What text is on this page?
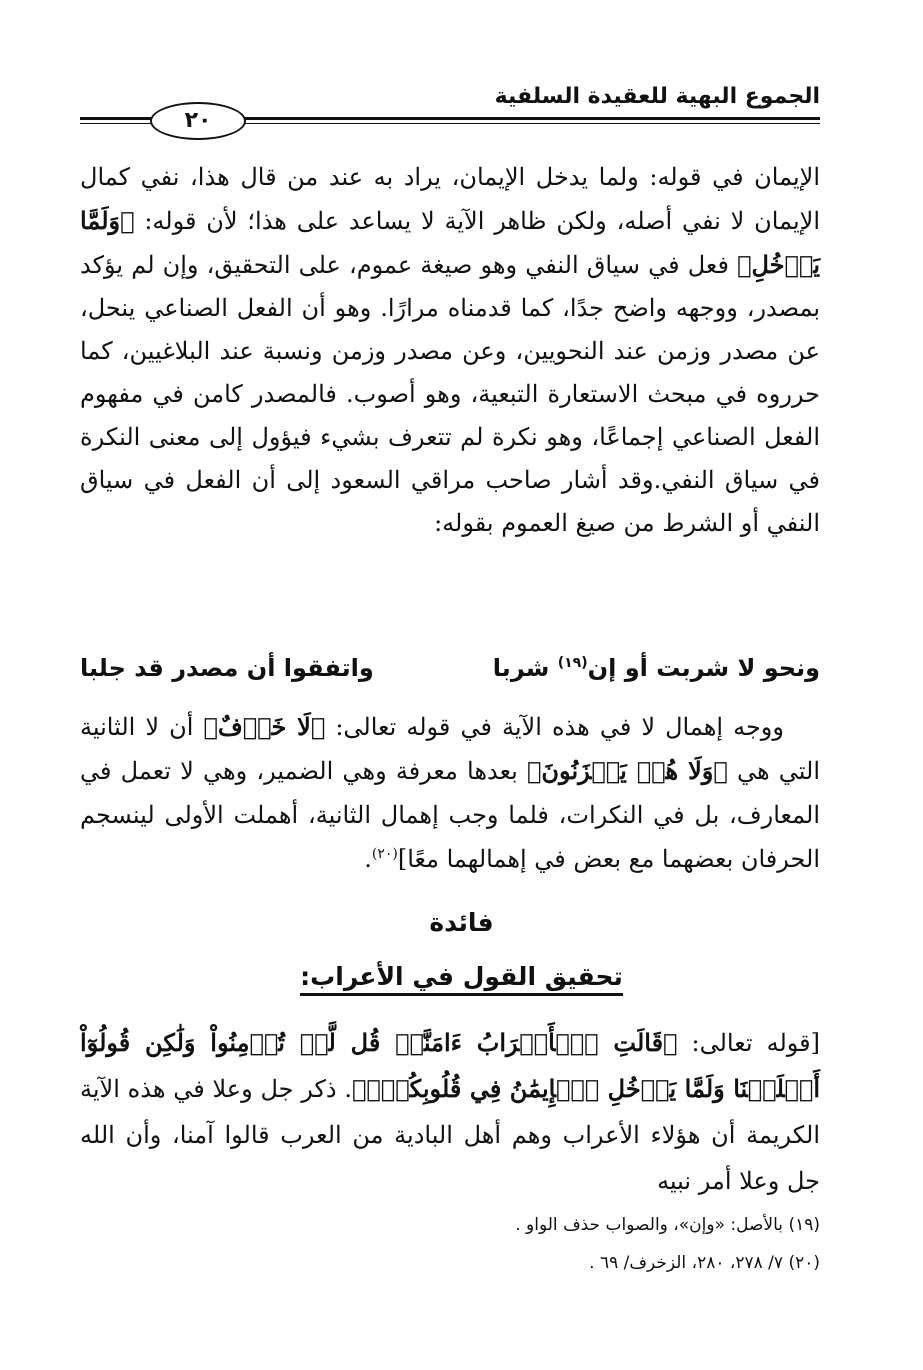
الجموع البهية للعقيدة السلفية
٢٠

الإيمان في قوله: ولما يدخل الإيمان، يراد به عند من قال هذا، نفي كمال الإيمان لا نفي أصله، ولكن ظاهر الآية لا يساعد على هذا؛ لأن قوله: ﴿وَلَمَّا يَدۡخُلِ﴾ فعل في سياق النفي وهو صيغة عموم، على التحقيق، وإن لم يؤكد بمصدر، ووجهه واضح جدًا، كما قدمناه مرارًا. وهو أن الفعل الصناعي ينحل، عن مصدر وزمن عند النحويين، وعن مصدر وزمن ونسبة عند البلاغيين، كما حرروه في مبحث الاستعارة التبعية، وهو أصوب. فالمصدر كامن في مفهوم الفعل الصناعي إجماعًا، وهو نكرة لم تتعرف بشيء فيؤول إلى معنى النكرة في سياق النفي.وقد أشار صاحب مراقي السعود إلى أن الفعل في سياق النفي أو الشرط من صيغ العموم بقوله:

ونحو لا شربت أو إن$^{(١٩)}$ شربا
واتفقوا أن مصدر قد جلبا

ووجه إهمال لا في هذه الآية في قوله تعالى: ﴿لَا خَوۡفٌ﴾ أن لا الثانية التي هي ﴿وَلَا هُمۡ يَحۡزَنُونَ﴾ بعدها معرفة وهي الضمير، وهي لا تعمل في المعارف، بل في النكرات، فلما وجب إهمال الثانية، أهملت الأولى لينسجم الحرفان بعضهما مع بعض في إهمالهما معًا]$^{(٢٠)}$.

فائدة
تحقيق القول في الأعراب:

[قوله تعالى: ﴿قَالَتِ ٱلۡأَعۡرَابُ ءَامَنَّاۖ قُل لَّمۡ تُؤۡمِنُواْ وَلَٰكِن قُولُوٓاْ أَسۡلَمۡنَا وَلَمَّا يَدۡخُلِ ٱلۡإِيمَٰنُ فِي قُلُوبِكُمۡۖ﴾. ذكر جل وعلا في هذه الآية الكريمة أن هؤلاء الأعراب وهم أهل البادية من العرب قالوا آمنا، وأن الله جل وعلا أمر نبيه

(١٩) بالأصل: «وإن»، والصواب حذف الواو .

(٢٠) ٧/ ٢٧٨، ٢٨٠، الزخرف/ ٦٩ .
